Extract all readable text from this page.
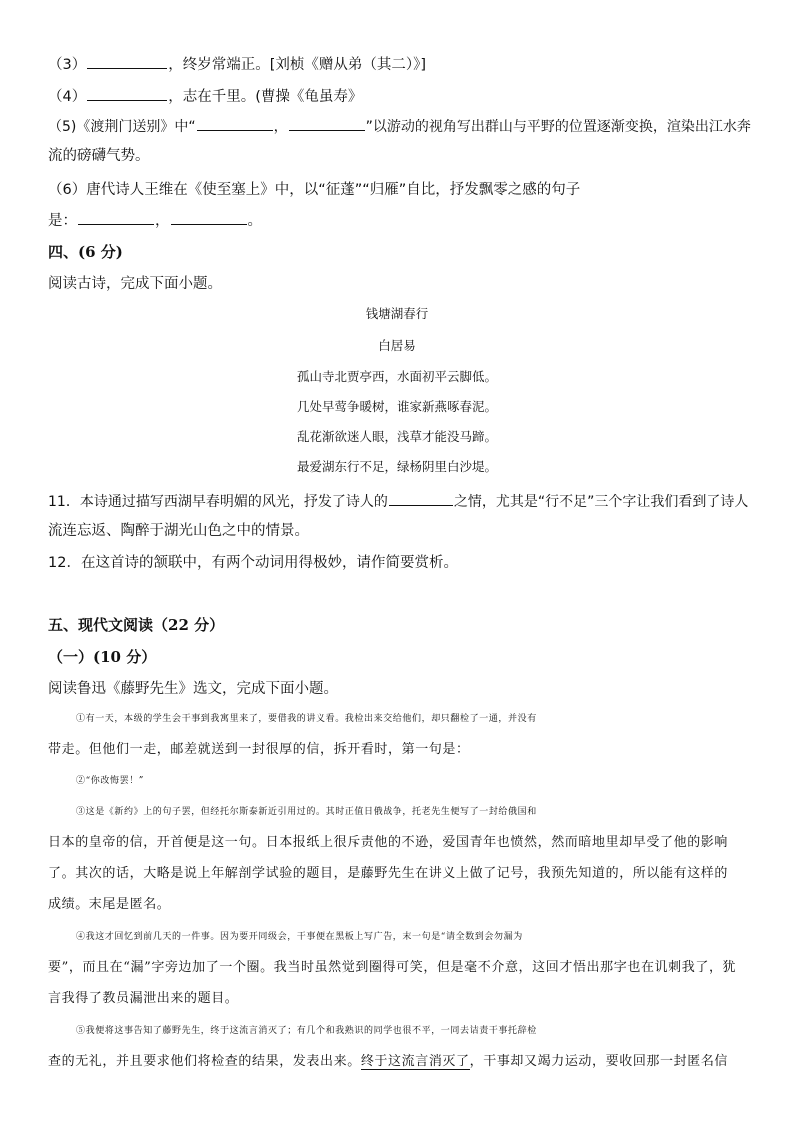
（3）	，终岁常端正。[刘桢《赠从弟（其二）》]
（4）	，志在千里。(曹操《龟虽寿》
（5)《渡荆门送别》中“	，	”以游动的视角写出群山与平野的位置逐渐变换，渲染出江水奔
流的磅礴气势。
（6）唐代诗人王维在《使至塞上》中，以“征蓬”“归雁”自比，抒发飘零之感的句子
是：	，	。
四、(6 分)
阅读古诗，完成下面小题。
钱塘湖春行
白居易
孤山寺北贾亭西，水面初平云脚低。
几处早莺争暖树，谁家新燕啄春泥。
乱花渐欲迷人眼，浅草才能没马蹄。
最爱湖东行不足，绿杨阴里白沙堤。
11．本诗通过描写西湖早春明媚的风光，抒发了诗人的	之情，尤其是“行不足”三个字让我们看到了诗人
流连忘返、陶醉于湖光山色之中的情景。
12．在这首诗的颔联中，有两个动词用得极妙，请作简要赏析。
五、现代文阅读（22 分）
（一）(10 分）
阅读鲁迅《藤野先生》选文，完成下面小题。
①有一天，本级的学生会干事到我寓里来了，要借我的讲义看。我检出来交给他们，却只翻检了一通，并没有
带走。但他们一走，邮差就送到一封很厚的信，拆开看时，第一句是：
②“你改悔罢！”
③这是《新约》上的句子罢，但经托尔斯泰新近引用过的。其时正值日俄战争，托老先生便写了一封给俄国和
日本的皇帝的信，开首便是这一句。日本报纸上很斥责他的不逊，爱国青年也愤然，然而暗地里却早受了他的影响
了。其次的话，大略是说上年解剖学试验的题目，是藤野先生在讲义上做了记号，我预先知道的，所以能有这样的
成绩。末尾是匿名。
④我这才回忆到前几天的一件事。因为要开同级会，干事便在黑板上写广告，末一句是“请全数到会勿漏为
要”，而且在“漏”字旁边加了一个圈。我当时虽然觉到圈得可笑，但是毫不介意，这回才悟出那字也在讥刺我了，犹
言我得了教员漏泄出来的题目。
⑤我便将这事告知了藤野先生，终于这流言消灭了；有几个和我熟识的同学也很不平，一同去诘责干事托辞检
查的无礼，并且要求他们将检查的结果，发表出来。终于这流言消灭了，干事却又竭力运动，要收回那一封匿名信
